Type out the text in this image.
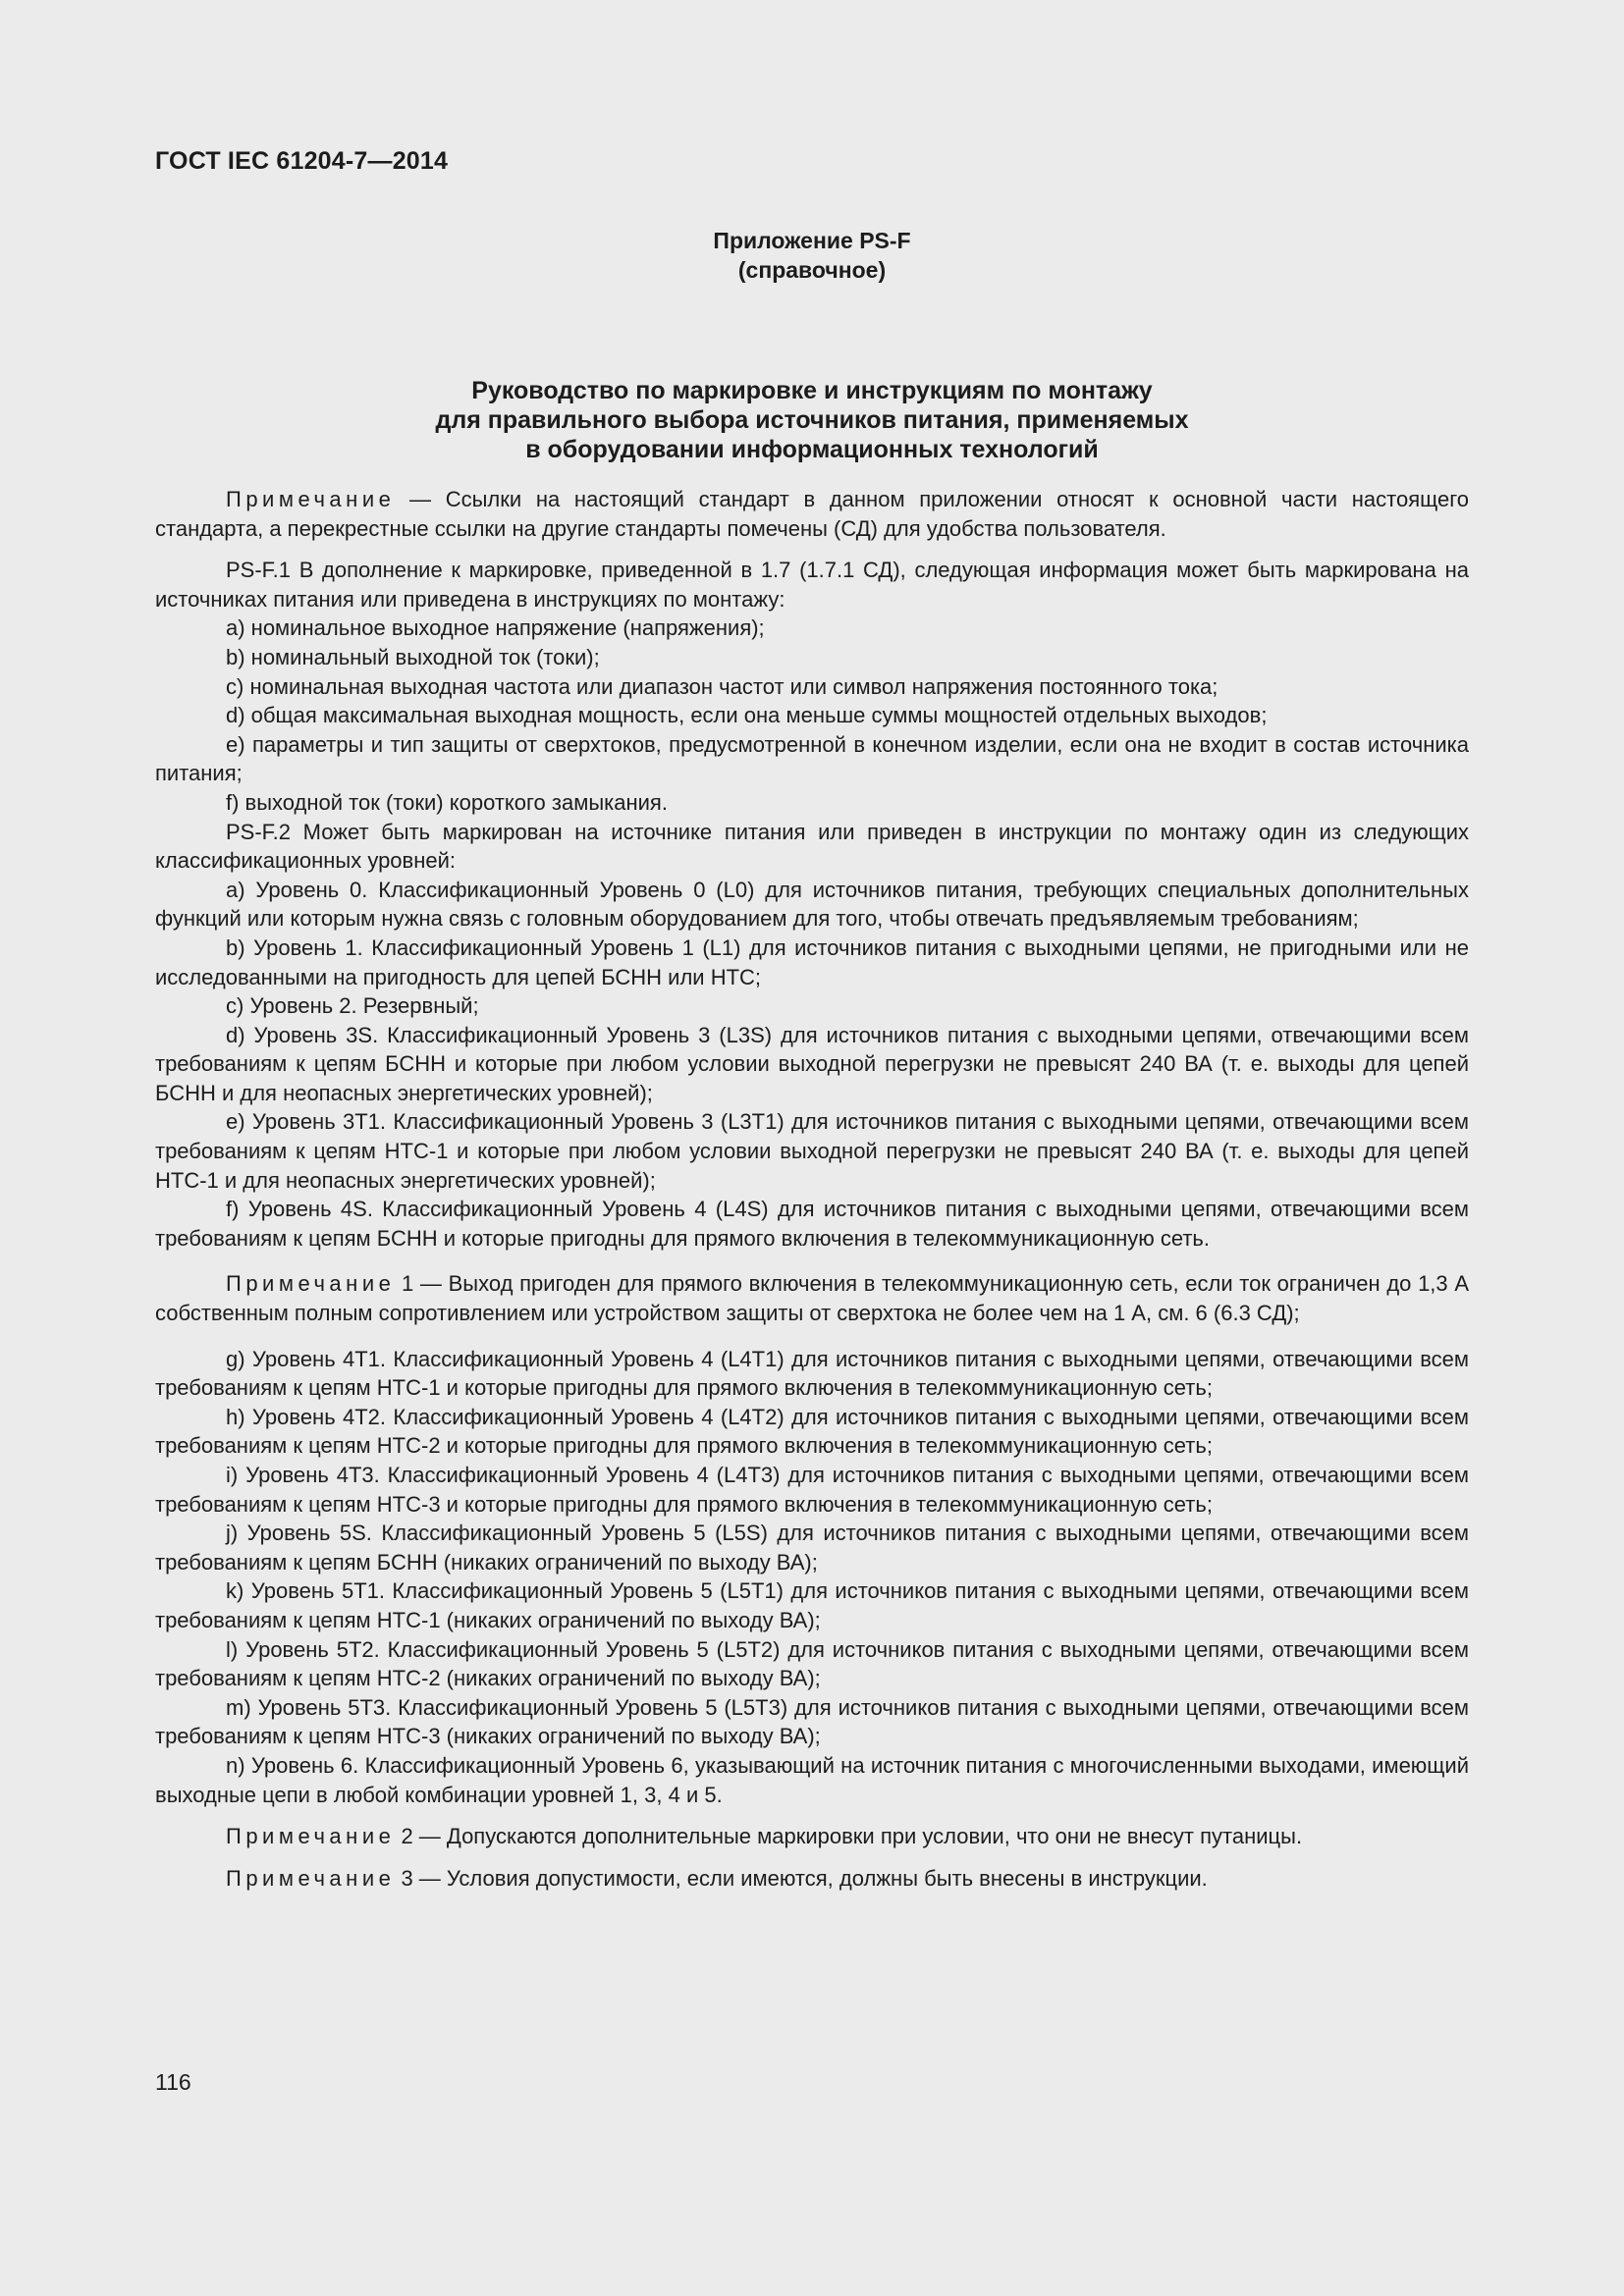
ГОСТ IEC 61204-7—2014
Приложение PS-F
(справочное)
Руководство по маркировке и инструкциям по монтажу
для правильного выбора источников питания, применяемых
в оборудовании информационных технологий

Примечание — Ссылки на настоящий стандарт в данном приложении относят к основной части настоящего стандарта, а перекрестные ссылки на другие стандарты помечены (СД) для удобства пользователя.

PS-F.1 В дополнение к маркировке, приведенной в 1.7 (1.7.1 СД), следующая информация может быть маркирована на источниках питания или приведена в инструкциях по монтажу:

a) номинальное выходное напряжение (напряжения);

b) номинальный выходной ток (токи);

c) номинальная выходная частота или диапазон частот или символ напряжения постоянного тока;

d) общая максимальная выходная мощность, если она меньше суммы мощностей отдельных выходов;

e) параметры и тип защиты от сверхтоков, предусмотренной в конечном изделии, если она не входит в состав источника питания;

f) выходной ток (токи) короткого замыкания.

PS-F.2 Может быть маркирован на источнике питания или приведен в инструкции по монтажу один из следующих классификационных уровней:

a) Уровень 0. Классификационный Уровень 0 (L0) для источников питания, требующих специальных дополнительных функций или которым нужна связь с головным оборудованием для того, чтобы отвечать предъявляемым требованиям;

b) Уровень 1. Классификационный Уровень 1 (L1) для источников питания с выходными цепями, не пригодными или не исследованными на пригодность для цепей БСНН или НТС;

c) Уровень 2. Резервный;

d) Уровень 3S. Классификационный Уровень 3 (L3S) для источников питания с выходными цепями, отвечающими всем требованиям к цепям БСНН и которые при любом условии выходной перегрузки не превысят 240 ВА (т. е. выходы для цепей БСНН и для неопасных энергетических уровней);

e) Уровень 3T1. Классификационный Уровень 3 (L3T1) для источников питания с выходными цепями, отвечающими всем требованиям к цепям НТС-1 и которые при любом условии выходной перегрузки не превысят 240 ВА (т. е. выходы для цепей НТС-1 и для неопасных энергетических уровней);

f) Уровень 4S. Классификационный Уровень 4 (L4S) для источников питания с выходными цепями, отвечающими всем требованиям к цепям БСНН и которые пригодны для прямого включения в телекоммуникационную сеть.

Примечание 1 — Выход пригоден для прямого включения в телекоммуникационную сеть, если ток ограничен до 1,3 А собственным полным сопротивлением или устройством защиты от сверхтока не более чем на 1 А, см. 6 (6.3 СД);

g) Уровень 4T1. Классификационный Уровень 4 (L4T1) для источников питания с выходными цепями, отвечающими всем требованиям к цепям НТС-1 и которые пригодны для прямого включения в телекоммуникационную сеть;

h) Уровень 4T2. Классификационный Уровень 4 (L4T2) для источников питания с выходными цепями, отвечающими всем требованиям к цепям НТС-2 и которые пригодны для прямого включения в телекоммуникационную сеть;

i) Уровень 4T3. Классификационный Уровень 4 (L4T3) для источников питания с выходными цепями, отвечающими всем требованиям к цепям НТС-3 и которые пригодны для прямого включения в телекоммуникационную сеть;

j) Уровень 5S. Классификационный Уровень 5 (L5S) для источников питания с выходными цепями, отвечающими всем требованиям к цепям БСНН (никаких ограничений по выходу ВА);

k) Уровень 5T1. Классификационный Уровень 5 (L5T1) для источников питания с выходными цепями, отвечающими всем требованиям к цепям НТС-1 (никаких ограничений по выходу ВА);

l) Уровень 5T2. Классификационный Уровень 5 (L5T2) для источников питания с выходными цепями, отвечающими всем требованиям к цепям НТС-2 (никаких ограничений по выходу ВА);

m) Уровень 5T3. Классификационный Уровень 5 (L5T3) для источников питания с выходными цепями, отвечающими всем требованиям к цепям НТС-3 (никаких ограничений по выходу ВА);

n) Уровень 6. Классификационный Уровень 6, указывающий на источник питания с многочисленными выходами, имеющий выходные цепи в любой комбинации уровней 1, 3, 4 и 5.

Примечание 2 — Допускаются дополнительные маркировки при условии, что они не внесут путаницы.

Примечание 3 — Условия допустимости, если имеются, должны быть внесены в инструкции.

116
